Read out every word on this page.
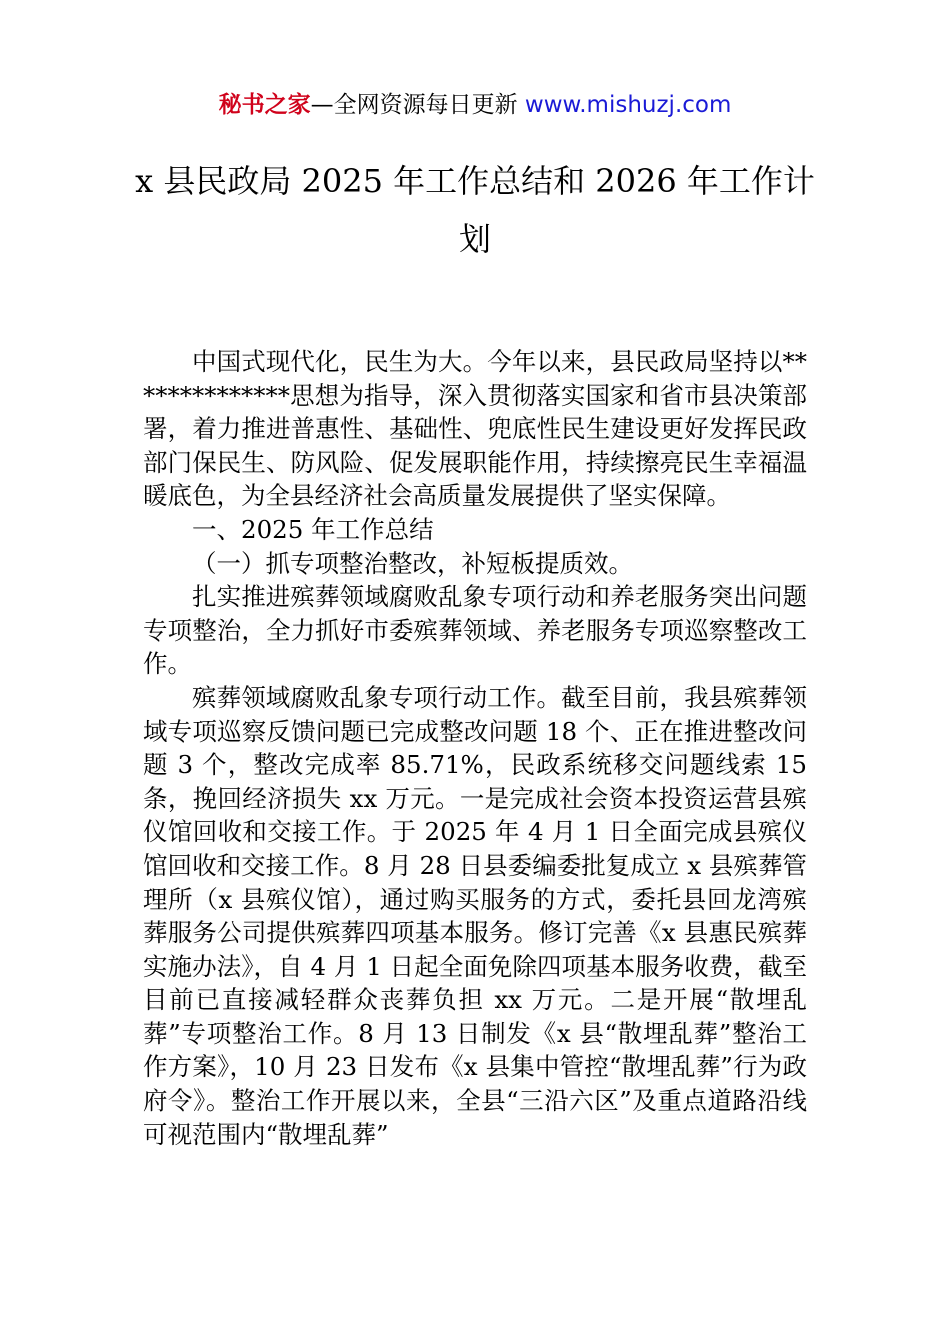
秘书之家—全网资源每日更新 www.mishuzj.com
x 县民政局 2025 年工作总结和 2026 年工作计划

中国式现代化，民生为大。今年以来，县民政局坚持以**************思想为指导，深入贯彻落实国家和省市县决策部署，着力推进普惠性、基础性、兜底性民生建设更好发挥民政部门保民生、防风险、促发展职能作用，持续擦亮民生幸福温暖底色，为全县经济社会高质量发展提供了坚实保障。

一、2025 年工作总结

（一）抓专项整治整改，补短板提质效。

扎实推进殡葬领域腐败乱象专项行动和养老服务突出问题专项整治，全力抓好市委殡葬领域、养老服务专项巡察整改工作。

殡葬领域腐败乱象专项行动工作。截至目前，我县殡葬领域专项巡察反馈问题已完成整改问题 18 个、正在推进整改问题 3 个，整改完成率 85.71%，民政系统移交问题线索 15 条，挽回经济损失 xx 万元。一是完成社会资本投资运营县殡仪馆回收和交接工作。于 2025 年 4 月 1 日全面完成县殡仪馆回收和交接工作。8 月 28 日县委编委批复成立 x 县殡葬管理所（x 县殡仪馆），通过购买服务的方式，委托县回龙湾殡葬服务公司提供殡葬四项基本服务。修订完善《x 县惠民殡葬实施办法》，自 4 月 1 日起全面免除四项基本服务收费，截至目前已直接减轻群众丧葬负担 xx 万元。二是开展“散埋乱葬”专项整治工作。8 月 13 日制发《x 县“散埋乱葬”整治工作方案》，10 月 23 日发布《x 县集中管控“散埋乱葬”行为政府令》。整治工作开展以来，全县“三沿六区”及重点道路沿线可视范围内“散埋乱葬”
